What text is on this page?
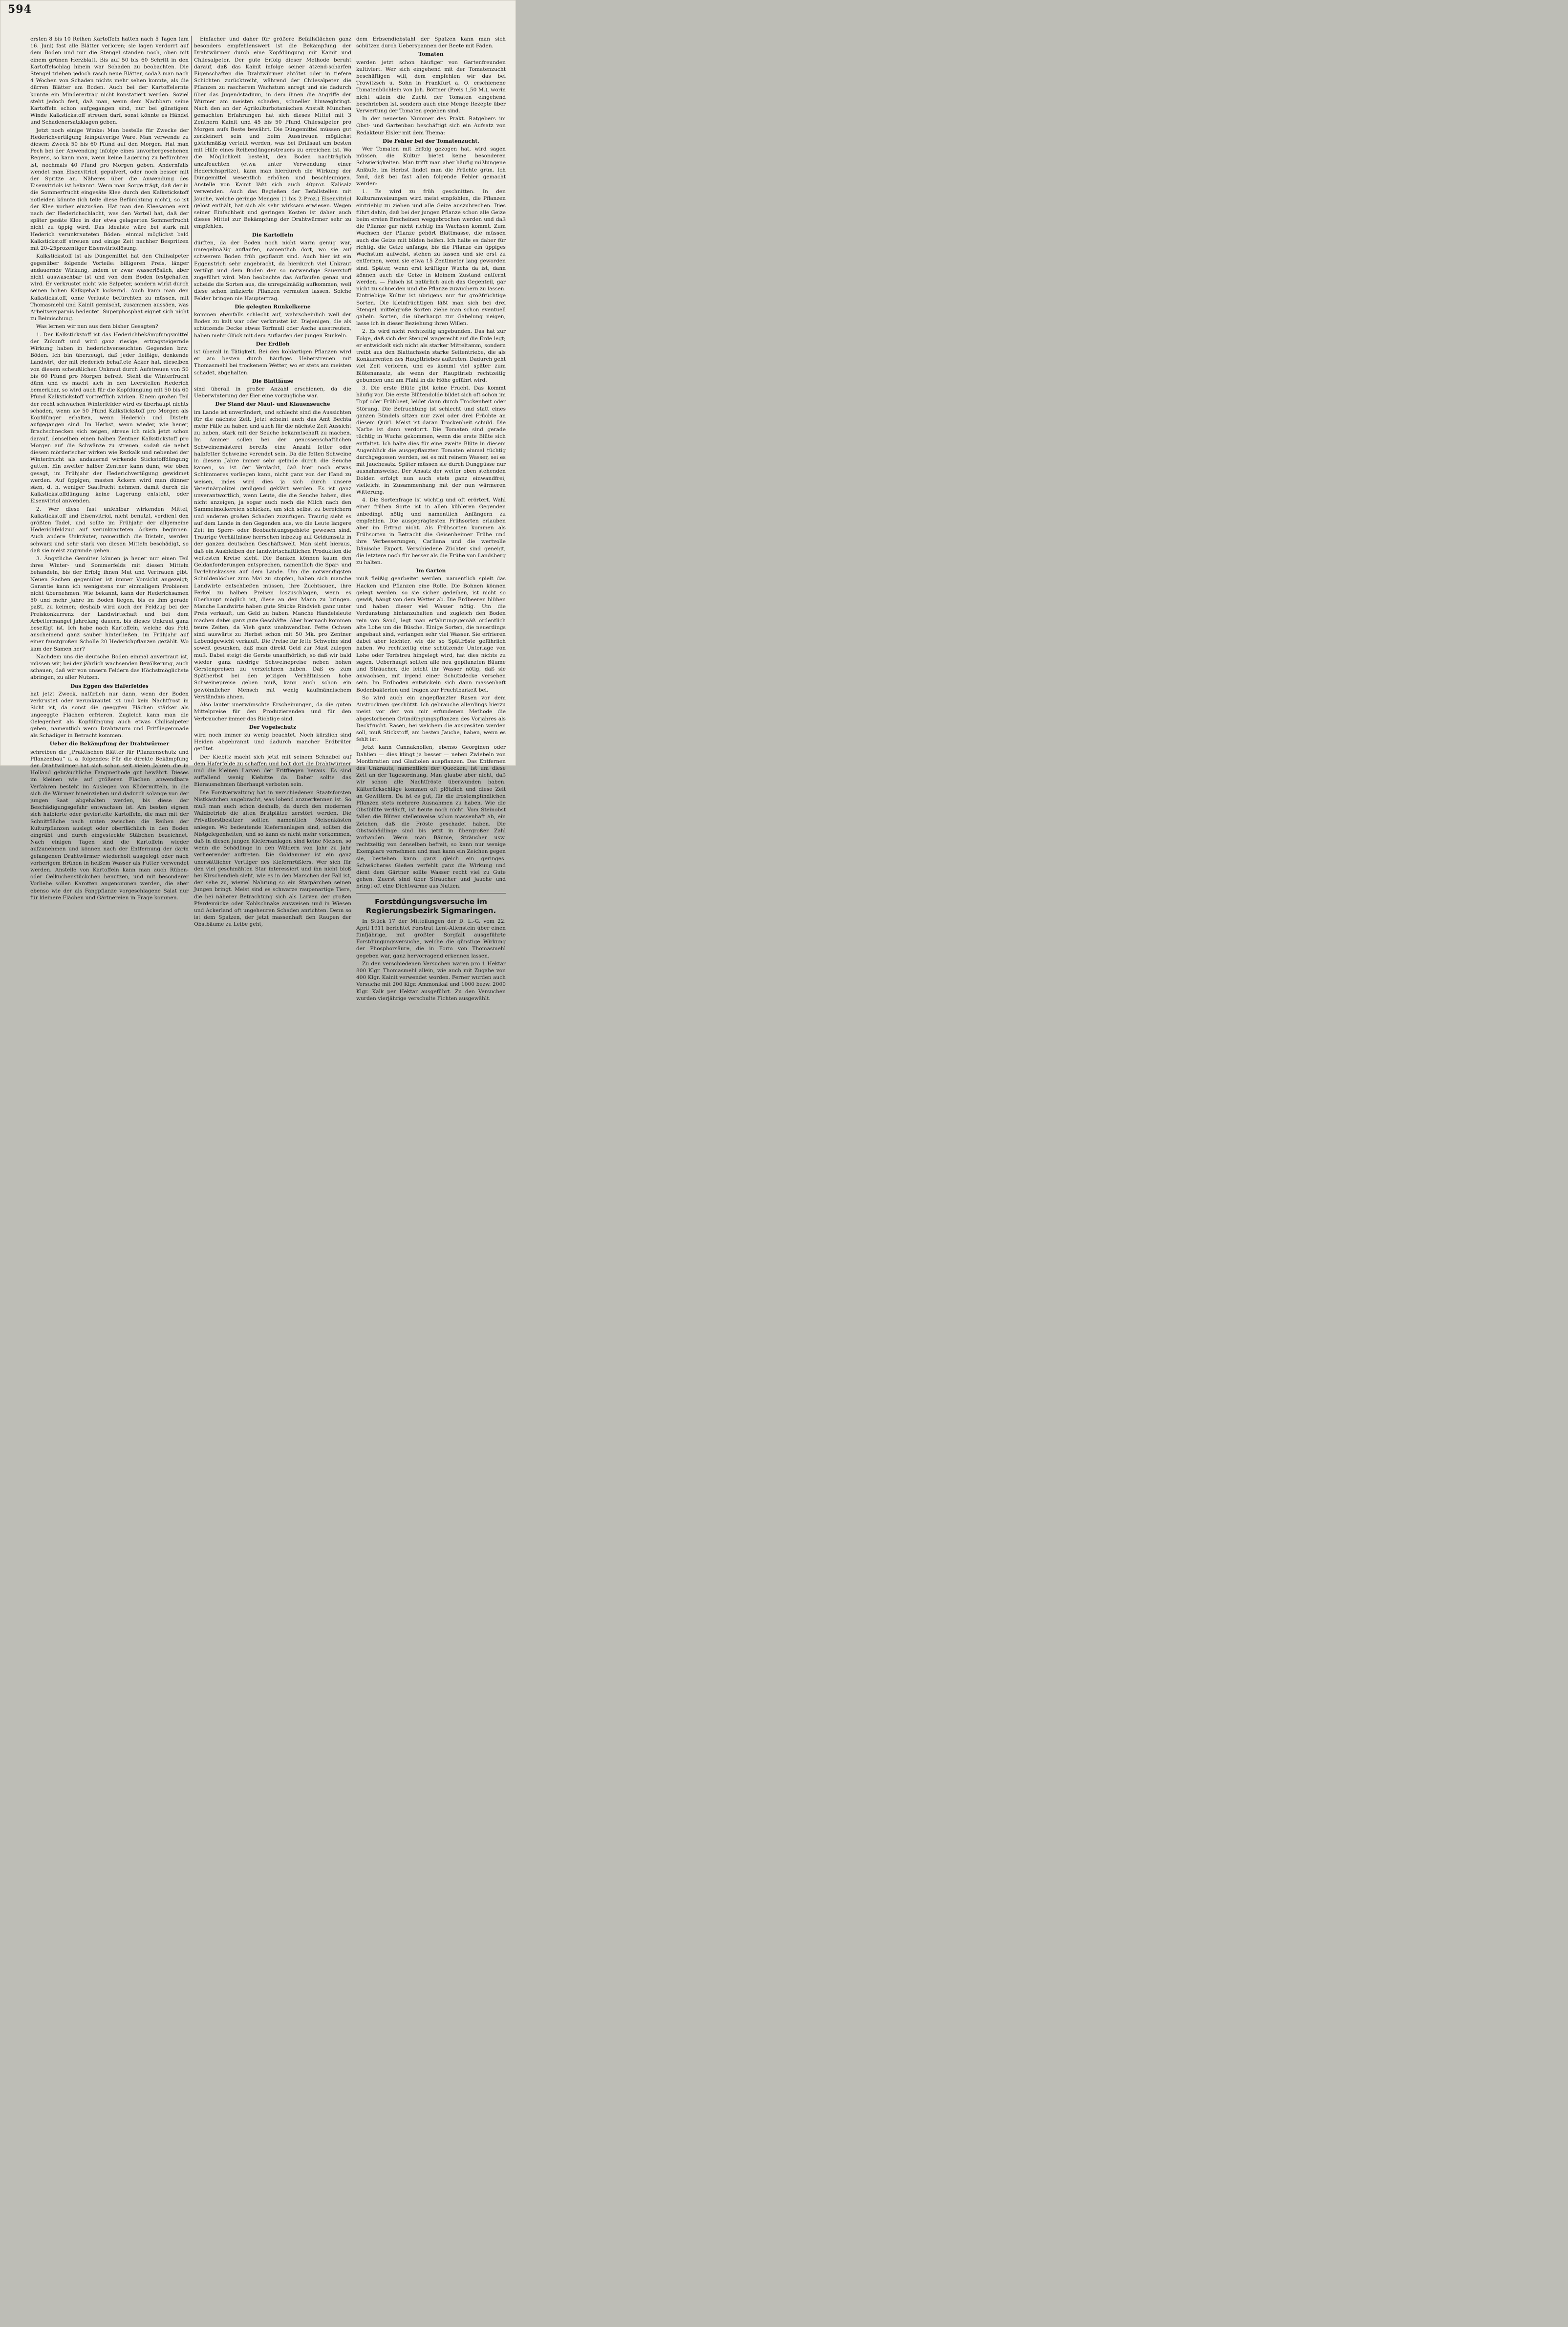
594

ersten 8 bis 10 Reihen Kartoffeln hatten nach 5 Tagen (am 16. Juni) fast alle Blätter verloren; sie lagen verdorrt auf dem Boden und nur die Stengel standen noch, oben mit einem grünen Herzblatt. Bis auf 50 bis 60 Schritt in den Kartoffelschlag hinein war Schaden zu beobachten. Die Stengel trieben jedoch rasch neue Blätter, sodaß man nach 4 Wochen von Schaden nichts mehr sehen konnte, als die dürren Blätter am Boden. Auch bei der Kartoffelernte konnte ein Minderertrag nicht konstatiert werden. Soviel steht jedoch fest, daß man, wenn dem Nachbarn seine Kartoffeln schon aufgegangen sind, nur bei günstigem Winde Kalkstickstoff streuen darf, sonst könnte es Händel und Schadenersatzklagen geben.

Jetzt noch einige Winke: Man bestelle für Zwecke der Hederichvertilgung feinpulverige Ware. Man verwende zu diesem Zweck 50 bis 60 Pfund auf den Morgen. Hat man Pech bei der Anwendung infolge eines unvorhergesehenen Regens, so kann man, wenn keine Lagerung zu befürchten ist, nochmals 40 Pfund pro Morgen geben. Andernfalls wendet man Eisenvitriol, gepulvert, oder noch besser mit der Spritze an. Näheres über die Anwendung des Eisenvitriols ist bekannt. Wenn man Sorge trägt, daß der in die Sommerfrucht eingesäte Klee durch den Kalkstickstoff notleiden könnte (ich teile diese Befürchtung nicht), so ist der Klee vorher einzusäen. Hat man den Kleesamen erst nach der Hederichschlacht, was den Vorteil hat, daß der später gesäte Klee in der etwa gelagerten Sommerfrucht nicht zu üppig wird. Das Idealste wäre bei stark mit Hederich verunkrauteten Böden: einmal möglichst bald Kalkstickstoff streuen und einige Zeit nachher Bespritzen mit 20–25prozentiger Eisenvitriollösung.

Kalkstickstoff ist als Düngemittel hat den Chilisalpeter gegenüber folgende Vorteile: billigeren Preis, länger andauernde Wirkung, indem er zwar wasserlöslich, aber nicht auswaschbar ist und von dem Boden festgehalten wird. Er verkrustet nicht wie Salpeter, sondern wirkt durch seinen hohen Kalkgehalt lockernd. Auch kann man den Kalkstickstoff, ohne Verluste befürchten zu müssen, mit Thomasmehl und Kainit gemischt, zusammen aussäen, was Arbeitsersparnis bedeutet. Superphosphat eignet sich nicht zu Beimischung.

Was lernen wir nun aus dem bisher Gesagten?

1. Der Kalkstickstoff ist das Hederichbekämpfungsmittel der Zukunft und wird ganz riesige, ertragsteigernde Wirkung haben in hederichverseuchten Gegenden bzw. Böden. Ich bin überzeugt, daß jeder fleißige, denkende Landwirt, der mit Hederich behaftete Äcker hat, dieselben von diesem scheußlichen Unkraut durch Aufstreuen von 50 bis 60 Pfund pro Morgen befreit. Steht die Winterfrucht dünn und es macht sich in den Leerstellen Hederich bemerkbar, so wird auch für die Kopfdüngung mit 50 bis 60 Pfund Kalkstickstoff vortrefflich wirken. Einem großen Teil der recht schwachen Winterfelder wird es überhaupt nichts schaden, wenn sie 50 Pfund Kalkstickstoff pro Morgen als Kopfdünger erhalten, wenn Hederich und Disteln aufgegangen sind. Im Herbst, wenn wieder, wie heuer, Brachschnecken sich zeigen, streue ich mich jetzt schon darauf, denselben einen halben Zentner Kalkstickstoff pro Morgen auf die Schwänze zu streuen, sodaß sie nebst diesem mörderischer wirken wie Rezkalk und nebenbei der Winterfrucht als andauernd wirkende Stickstoffdüngung gutten. Ein zweiter halber Zentner kann dann, wie oben gesagt, im Frühjahr der Hederichvertilgung gewidmet werden. Auf üppigen, masten Äckern wird man dünner säen, d. h. weniger Saatfrucht nehmen, damit durch die Kalkstickstoffdüngung keine Lagerung entsteht, oder Eisenvitriol anwenden.

2. Wer diese fast unfehlbar wirkenden Mittel, Kalkstickstoff und Eisenvitriol, nicht benutzt, verdient den größten Tadel, und sollte im Frühjahr der allgemeine Hederichfeldzug auf verunkrauteten Äckern beginnen. Auch andere Unkräuter, namentlich die Disteln, werden schwarz und sehr stark von diesen Mitteln beschädigt, so daß sie meist zugrunde gehen.

3. Ängstliche Gemüter können ja heuer nur einen Teil ihres Winter- und Sommerfelds mit diesen Mitteln behandeln, bis der Erfolg ihnen Mut und Vertrauen gibt. Neuen Sachen gegenüber ist immer Vorsicht angezeigt; Garantie kann ich wenigstens nur einmaligem Probieren nicht übernehmen. Wie bekannt, kann der Hederichsamen 50 und mehr Jahre im Boden liegen, bis es ihm gerade paßt, zu keimen; deshalb wird auch der Feldzug bei der Preiskonkurrenz der Landwirtschaft und bei dem Arbeitermangel jahrelang dauern, bis dieses Unkraut ganz beseitigt ist. Ich habe nach Kartoffeln, welche das Feld anscheinend ganz sauber hinterließen, im Frühjahr auf einer faustgroßen Scholle 20 Hederichpflanzen gezählt. Wo kam der Samen her?

Nachdem uns die deutsche Boden einmal anvertraut ist, müssen wir, bei der jährlich wachsenden Bevölkerung, auch schauen, daß wir von unsern Feldern das Höchstmöglichste abringen, zu aller Nutzen.

Das Eggen des Haferfeldes

hat jetzt Zweck, natürlich nur dann, wenn der Boden verkrustet oder verunkrautet ist und kein Nachtfrost in Sicht ist, da sonst die geeggten Flächen stärker als ungeeggte Flächen erfrieren. Zugleich kann man die Gelegenheit als Kopfdüngung auch etwas Chilisalpeter geben, namentlich wenn Drahtwurm und Fritfliegenmade als Schädiger in Betracht kommen.

Ueber die Bekämpfung der Drahtwürmer

schreiben die „Praktischen Blätter für Pflanzenschutz und Pflanzenbau“ u. a. folgendes: Für die direkte Bekämpfung der Drahtwürmer hat sich schon seit vielen Jahren die in Holland gebräuchliche Fangmethode gut bewährt. Dieses im kleinen wie auf größeren Flächen anwendbare Verfahren besteht im Auslegen von Ködermitteln, in die sich die Würmer hineinziehen und dadurch solange von der jungen Saat abgehalten werden, bis diese der Beschädigungsgefahr entwachsen ist. Am besten eignen sich halbierte oder geviertelte Kartoffeln, die man mit der Schnittfläche nach unten zwischen die Reihen der Kulturpflanzen auslegt oder oberflächlich in den Boden eingräbt und durch eingesteckte Stäbchen bezeichnet. Nach einigen Tagen sind die Kartoffeln wieder aufzunehmen und können nach der Entfernung der darin gefangenen Drahtwürmer wiederholt ausgelegt oder nach vorherigem Brühen in heißem Wasser als Futter verwendet werden. Anstelle von Kartoffeln kann man auch Rüben- oder Oelkuchenstückchen benutzen, und mit besonderer Vorliebe sollen Karotten angenommen werden, die aber ebenso wie der als Fangpflanze vorgeschlagene Salat nur für kleinere Flächen und Gärtnereien in Frage kommen.

Einfacher und daher für größere Befallsflächen ganz besonders empfehlenswert ist die Bekämpfung der Drahtwürmer durch eine Kopfdüngung mit Kainit und Chilesalpeter. Der gute Erfolg dieser Methode beruht darauf, daß das Kainit infolge seiner ätzend-scharfen Eigenschaften die Drahtwürmer abtötet oder in tiefere Schichten zurücktreibt, während der Chilesalpeter die Pflanzen zu rascherem Wachstum anregt und sie dadurch über das Jugendstadium, in dem ihnen die Angriffe der Würmer am meisten schaden, schneller hinwegbringt. Nach den an der Agrikulturbotanischen Anstalt München gemachten Erfahrungen hat sich dieses Mittel mit 3 Zentnern Kainit und 45 bis 50 Pfund Chilesalpeter pro Morgen aufs Beste bewährt. Die Düngemittel müssen gut zerkleinert sein und beim Ausstreuen möglichst gleichmäßig verteilt werden, was bei Drillsaat am besten mit Hilfe eines Reihendüngerstreuers zu erreichen ist. Wo die Möglichkeit besteht, den Boden nachträglich anzufeuchten (etwa unter Verwendung einer Hederichspritze), kann man hierdurch die Wirkung der Düngemittel wesentlich erhöhen und beschleunigen. Anstelle von Kainit läßt sich auch 40proz. Kalisalz verwenden. Auch das Begießen der Befallstellen mit Jauche, welche geringe Mengen (1 bis 2 Proz.) Eisenvitriol gelöst enthält, hat sich als sehr wirksam erwiesen. Wegen seiner Einfachheit und geringen Kosten ist daher auch dieses Mittel zur Bekämpfung der Drahtwürmer sehr zu empfehlen.

Die Kartoffeln

dürften, da der Boden noch nicht warm genug war, unregelmäßig auflaufen, namentlich dort, wo sie auf schwerem Boden früh gepflanzt sind. Auch hier ist ein Eggenstrich sehr angebracht, da hierdurch viel Unkraut vertilgt und dem Boden der so notwendige Sauerstoff zugeführt wird. Man beobachte das Auflaufen genau und scheide die Sorten aus, die unregelmäßig aufkommen, weil diese schon infizierte Pflanzen vermuten lassen. Solche Felder bringen nie Hauptertrag.

Die gelegten Runkelkerne

kommen ebenfalls schlecht auf, wahrscheinlich weil der Boden zu kalt war oder verkrustet ist. Diejenigen, die als schützende Decke etwas Torfmull oder Asche ausstreuten, haben mehr Glück mit dem Auflaufen der jungen Runkeln.

Der Erdfloh

ist überall in Tätigkeit. Bei den kohlartigen Pflanzen wird er am besten durch häufiges Ueberstreuen mit Thomasmehl bei trockenem Wetter, wo er stets am meisten schadet, abgehalten.

Die Blattläuse

sind überall in großer Anzahl erschienen, da die Ueberwinterung der Eier eine vorzügliche war.

Der Stand der Maul- und Klauenseuche

im Lande ist unverändert, und schlecht sind die Aussichten für die nächste Zeit. Jetzt scheint auch das Amt Bechta mehr Fälle zu haben und auch für die nächste Zeit Aussicht zu haben, stark mit der Seuche bekanntschaft zu machen. Im Ammer sollen bei der genossenschaftlichen Schweinemästerei bereits eine Anzahl fetter oder halbfetter Schweine verendet sein. Da die fetten Schweine in diesem Jahre immer sehr gelinde durch die Seuche kamen, so ist der Verdacht, daß hier noch etwas Schlimmeres vorliegen kann, nicht ganz von der Hand zu weisen, indes wird dies ja sich durch unsere Veterinärpolizei genügend geklärt werden. Es ist ganz unverantwortlich, wenn Leute, die die Seuche haben, dies nicht anzeigen, ja sogar auch noch die Milch nach den Sammelmolkereien schicken, um sich selbst zu bereichern und anderen großen Schaden zuzufügen. Traurig sieht es auf dem Lande in den Gegenden aus, wo die Leute längere Zeit im Sperr- oder Beobachtungsgebiete gewesen sind. Traurige Verhältnisse herrschen inbezug auf Geldumsatz in der ganzen deutschen Geschäftswelt. Man sieht hieraus, daß ein Ausbleiben der landwirtschaftlichen Produktion die weitesten Kreise zieht. Die Banken können kaum den Geldanforderungen entsprechen, namentlich die Spar- und Darlehnskassen auf dem Lande. Um die notwendigsten Schuldenlöcher zum Mai zu stopfen, haben sich manche Landwirte entschließen müssen, ihre Zuchtsauen, ihre Ferkel zu halben Preisen loszuschlagen, wenn es überhaupt möglich ist, diese an den Mann zu bringen. Manche Landwirte haben gute Stücke Rindvieh ganz unter Preis verkauft, um Geld zu haben. Manche Handelsleute machen dabei ganz gute Geschäfte. Aber hiernach kommen teure Zeiten, da Vieh ganz unabwendbar. Fette Ochsen sind auswärts zu Herbst schon mit 50 Mk. pro Zentner Lebendgewicht verkauft. Die Preise für fette Schweine sind soweit gesunken, daß man direkt Geld zur Mast zulegen muß. Dabei steigt die Gerste unaufhörlich, so daß wir bald wieder ganz niedrige Schweinepreise neben hohen Gerstenpreisen zu verzeichnen haben. Daß es zum Spätherbst bei den jetzigen Verhältnissen hohe Schweinepreise geben muß, kann auch schon ein gewöhnlicher Mensch mit wenig kaufmännischem Verständnis ahnen.

Also lauter unerwünschte Erscheinungen, da die guten Mittelpreise für den Produzierenden und für den Verbraucher immer das Richtige sind.

Der Vogelschutz

wird noch immer zu wenig beachtet. Noch kürzlich sind Heiden abgebrannt und dadurch mancher Erdbrüter getötet.

Der Kiebitz macht sich jetzt mit seinem Schnabel auf dem Haferfelde zu schaffen und holt dort die Drahtwürmer und die kleinen Larven der Fritfliegen heraus. Es sind auffallend wenig Kiebitze da. Daher sollte das Eierausnehmen überhaupt verboten sein.

Die Forstverwaltung hat in verschiedenen Staatsforsten Nistkästchen angebracht, was lobend anzuerkennen ist. So muß man auch schon deshalb, da durch den modernen Waldbetrieb die alten Brutplätze zerstört werden. Die Privatforstbesitzer sollten namentlich Meisenkästen anlegen. Wo bedeutende Kiefernanlagen sind, sollten die Nistgelegenheiten, und so kann es nicht mehr vorkommen, daß in diesen jungen Kiefernanlagen sind keine Meisen, so wenn die Schädlinge in den Wäldern von Jahr zu Jahr verheerender auftreten. Die Goldammer ist ein ganz unersättlicher Vertilger des Kiefernrüßlers. Wer sich für den viel geschmähten Star interessiert und ihn nicht bloß bei Kirschendieb sieht, wie es in den Marschen der Fall ist, der sehe zu, wieviel Nahrung so ein Starpärchen seinen Jungen bringt. Meist sind es schwarze raupenartige Tiere, die bei näherer Betrachtung sich als Larven der großen Pferdemücke oder Kohlschnake ausweisen und in Wiesen und Ackerland oft ungeheuren Schaden anrichten. Denn so ist dem Spatzen, der jetzt massenhaft den Raupen der Obstbäume zu Leibe geht,

dem Erbsendiebstahl der Spatzen kann man sich schützen durch Ueberspannen der Beete mit Fäden.

Tomaten

werden jetzt schon häufiger von Gartenfreunden kultiviert. Wer sich eingehend mit der Tomatenzucht beschäftigen will, dem empfehlen wir das bei Trowitzsch u. Sohn in Frankfurt a. O. erschienene Tomatenbüchlein von Joh. Böttner (Preis 1,50 M.), worin nicht allein die Zucht der Tomaten eingehend beschrieben ist, sondern auch eine Menge Rezepte über Verwertung der Tomaten gegeben sind.

In der neuesten Nummer des Prakt. Ratgebers im Obst- und Gartenbau beschäftigt sich ein Aufsatz von Redakteur Eisler mit dem Thema:

Die Fehler bei der Tomatenzucht.

Wer Tomaten mit Erfolg gezogen hat, wird sagen müssen, die Kultur bietet keine besonderen Schwierigkeiten. Man trifft man aber häufig mißlungene Anläufe, im Herbst findet man die Früchte grün. Ich fand, daß bei fast allen folgende Fehler gemacht werden:

1. Es wird zu früh geschnitten. In den Kulturanweisungen wird meist empfohlen, die Pflanzen eintriebig zu ziehen und alle Geize auszubrechen. Dies führt dahin, daß bei der jungen Pflanze schon alle Geize beim ersten Erscheinen weggebrochen werden und daß die Pflanze gar nicht richtig ins Wachsen kommt. Zum Wachsen der Pflanze gehört Blattmasse, die müssen auch die Geize mit bilden helfen. Ich halte es daher für richtig, die Geize anfangs, bis die Pflanze ein üppiges Wachstum aufweist, stehen zu lassen und sie erst zu entfernen, wenn sie etwa 15 Zentimeter lang geworden sind. Später, wenn erst kräftiger Wuchs da ist, dann können auch die Geize in kleinem Zustand entfernt werden. — Falsch ist natürlich auch das Gegenteil, gar nicht zu schneiden und die Pflanze zuwuchern zu lassen. Eintriebige Kultur ist übrigens nur für großfrüchtige Sorten. Die kleinfrüchtigen läßt man sich bei drei Stengel, mittelgroße Sorten ziehe man schon eventuell gabeln. Sorten, die überhaupt zur Gabelung neigen, lasse ich in dieser Beziehung ihren Willen.

2. Es wird nicht rechtzeitig angebunden. Das hat zur Folge, daß sich der Stengel wagerecht auf die Erde legt; er entwickelt sich nicht als starker Mitteltamm, sondern treibt aus den Blattachseln starke Seitentriebe, die als Konkurrenten des Haupttriebes auftreten. Dadurch geht viel Zeit verloren, und es kommt viel später zum Blütenansatz, als wenn der Haupttrieb rechtzeitig gebunden und am Pfahl in die Höhe geführt wird.

3. Die erste Blüte gibt keine Frucht. Das kommt häufig vor. Die erste Blütendolde bildet sich oft schon im Topf oder Frühbeet, leidet dann durch Trockenheit oder Störung. Die Befruchtung ist schlecht und statt eines ganzen Bündels sitzen nur zwei oder drei Früchte an diesem Quirl. Meist ist daran Trockenheit schuld. Die Narbe ist dann verdorrt. Die Tomaten sind gerade tüchtig in Wuchs gekommen, wenn die erste Blüte sich entfaltet. Ich halte dies für eine zweite Blüte in diesem Augenblick die ausgepflanzten Tomaten einmal tüchtig durchgegossen werden, sei es mit reinem Wasser, sei es mit Jauchesatz. Später müssen sie durch Dunggüsse nur ausnahmsweise. Der Ansatz der weiter oben stehenden Dolden erfolgt nun auch stets ganz einwandfrei, vielleicht in Zusammenhang mit der nun wärmeren Witterung.

4. Die Sortenfrage ist wichtig und oft erörtert. Wahl einer frühen Sorte ist in allen kühleren Gegenden unbedingt nötig und namentlich Anfängern zu empfehlen. Die ausgeprägtesten Frühsorten erlauben aber im Ertrag nicht. Als Frühsorten kommen als Frühsorten in Betracht die Geisenheimer Frühe und ihre Verbesserungen, Carliana und die wertvolle Dänische Export. Verschiedene Züchter sind geneigt, die letztere noch für besser als die Frühe von Landsberg zu halten.

Im Garten

muß fleißig gearbeitet werden, namentlich spielt das Hacken und Pflanzen eine Rolle. Die Bohnen können gelegt werden, so sie sicher gedeihen, ist nicht so gewiß, hängt von dem Wetter ab. Die Erdbeeren blühen und haben dieser viel Wasser nötig. Um die Verdunstung hintanzuhalten und zugleich den Boden rein von Sand, legt man erfahrungsgemäß ordentlich alte Lohe um die Büsche. Einige Sorten, die neuerdings angebaut sind, verlangen sehr viel Wasser. Sie erfrieren dabei aber leichter, wie die so Spätfröste gefährlich haben. Wo rechtzeitig eine schützende Unterlage von Lohe oder Torfstreu hingelegt wird, hat dies nichts zu sagen. Ueberhaupt sollten alle neu gepflanzten Bäume und Sträucher, die leicht ihr Wasser nötig, daß sie anwachsen, mit irgend einer Schutzdecke versehen sein. Im Erdboden entwickeln sich dann massenhaft Bodenbakterien und tragen zur Fruchtbarkeit bei.

So wird auch ein angepflanzter Rasen vor dem Austrocknen geschützt. Ich gebrauche allerdings hierzu meist vor der von mir erfundenen Methode die abgestorbenen Gründüngungspflanzen des Vorjahres als Deckfrucht. Rasen, bei welchem die ausgesäten werden soll, muß Stickstoff, am besten Jauche, haben, wenn es fehlt ist.

Jetzt kann Cannaknollen, ebenso Georginen oder Dahlien — dies klingt ja besser — neben Zwiebeln von Montbratien und Gladiolen auspflanzen. Das Entfernen des Unkrauts, namentlich der Quecken, ist um diese Zeit an der Tagesordnung. Man glaube aber nicht, daß wir schon alle Nachtfröste überwunden haben. Kälterückschläge kommen oft plötzlich und diese Zeit an Gewittern. Da ist es gut, für die frostempfindlichen Pflanzen stets mehrere Ausnahmen zu haben. Wie die Obstblüte verläuft, ist heute noch nicht. Vom Steinobst fallen die Blüten stellenweise schon massenhaft ab, ein Zeichen, daß die Fröste geschadet haben. Die Obstschädlinge sind bis jetzt in übergroßer Zahl vorhanden. Wenn man Bäume, Sträucher usw. rechtzeitig von denselben befreit, so kann nur wenige Exemplare vornehmen und man kann ein Zeichen gegen sie, bestehen kann ganz gleich ein geringes. Schwächeres Gießen verfehlt ganz die Wirkung und dient dem Gärtner sollte Wasser recht viel zu Gute gehen. Zuerst sind über Sträucher und Jauche und bringt oft eine Dichtwärme aus Nutzen.

Forstdüngungsversuche im Regierungsbezirk Sigmaringen.

In Stück 17 der Mitteilungen der D. L.-G. vom 22. April 1911 berichtet Forstrat Lent-Allenstein über einen fünfjährige, mit größter Sorgfalt ausgeführte Forstdüngungsversuche, welche die günstige Wirkung der Phosphorsäure, die in Form von Thomasmehl gegeben war, ganz hervorragend erkennen lassen.

Zu den verschiedenen Versuchen waren pro 1 Hektar 800 Klgr. Thomasmehl allein, wie auch mit Zugabe von 400 Klgr. Kainit verwendet worden. Ferner wurden auch Versuche mit 200 Klgr. Ammonikal und 1000 bezw. 2000 Klgr. Kalk per Hektar ausgeführt. Zu den Versuchen wurden vierjährige verschulte Fichten ausgewählt.
